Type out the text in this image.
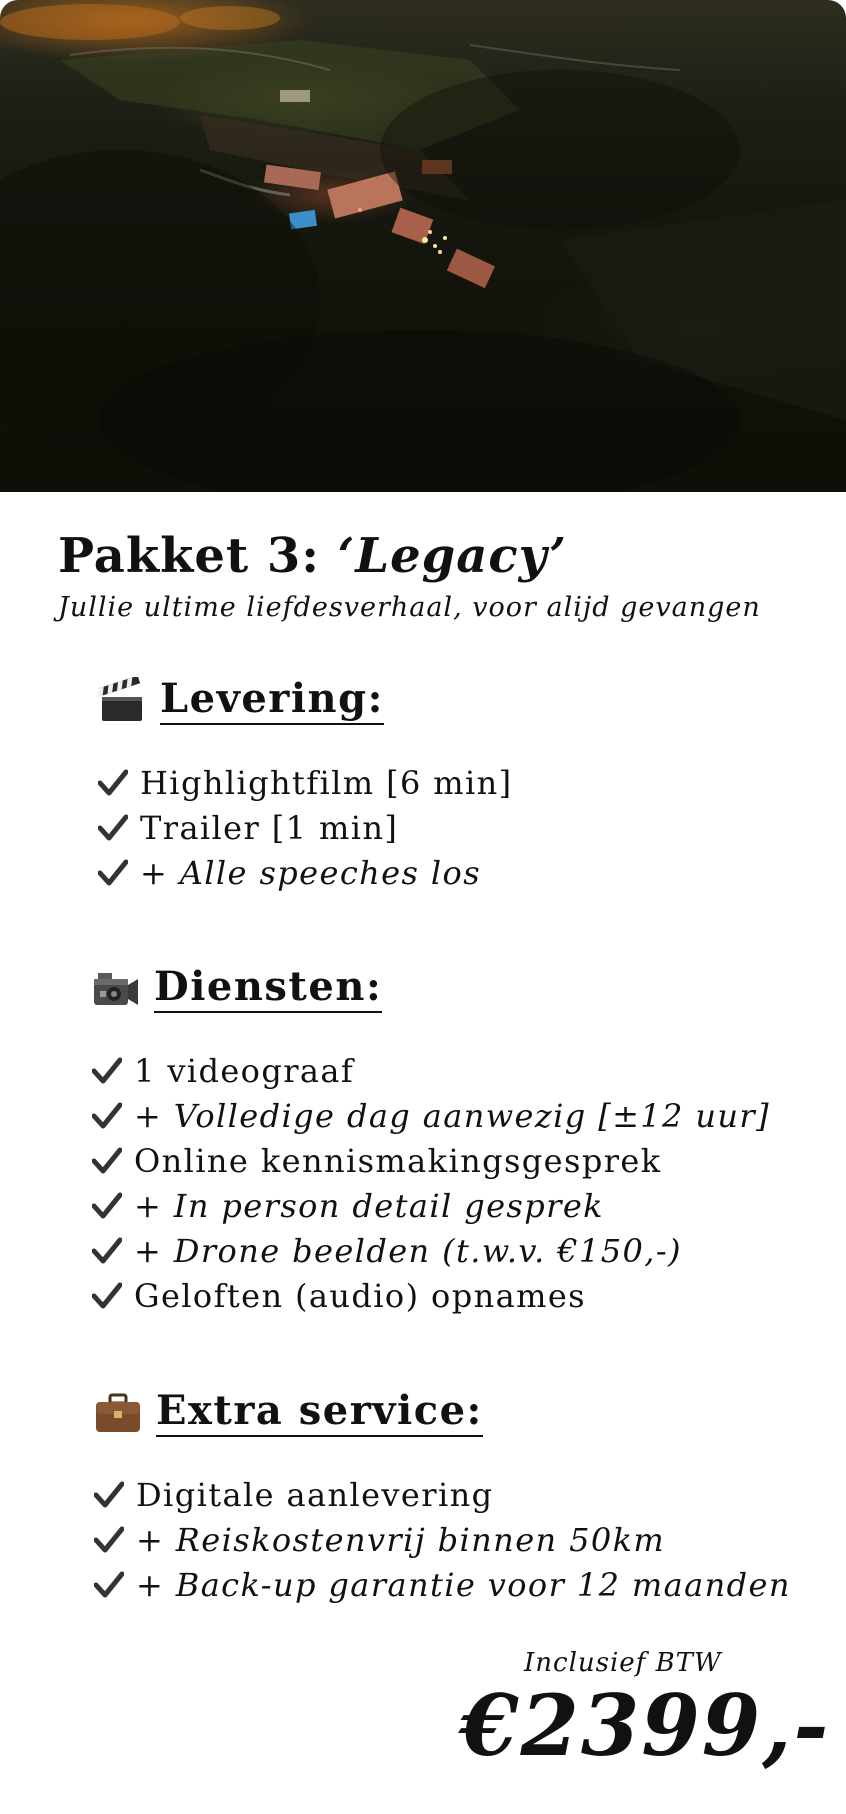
Pakket 3: ‘Legacy’
Jullie ultime liefdesverhaal, voor alijd gevangen
Levering:
Highlightfilm [6 min]
Trailer [1 min]
+ Alle speeches los
Diensten:
1 videograaf
+ Volledige dag aanwezig [±12 uur]
Online kennismakingsgesprek
+ In person detail gesprek
+ Drone beelden (t.w.v. €150,-)
Geloften (audio) opnames
Extra service:
Digitale aanlevering
+ Reiskostenvrij binnen 50km
+ Back-up garantie voor 12 maanden
Inclusief BTW
€2399,-
